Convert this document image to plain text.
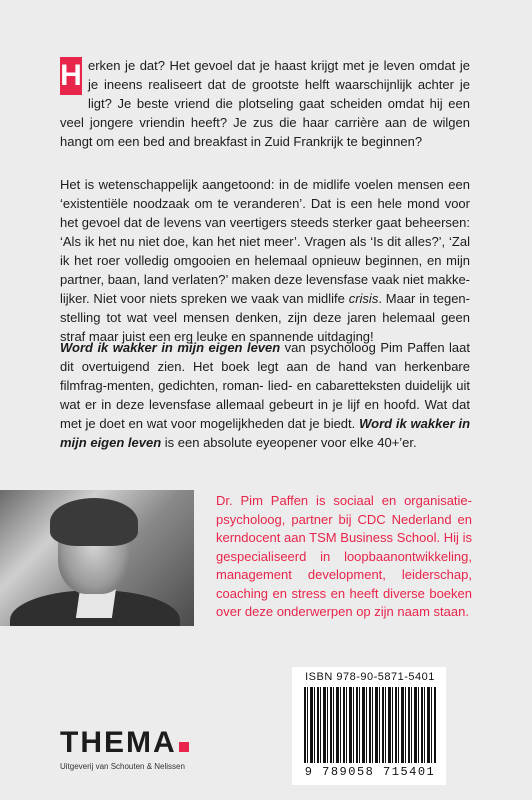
H erken je dat? Het gevoel dat je haast krijgt met je leven omdat je je ineens realiseert dat de grootste helft waarschijnlijk achter je ligt? Je beste vriend die plotseling gaat scheiden omdat hij een veel jongere vriendin heeft? Je zus die haar carrière aan de wilgen hangt om een bed and breakfast in Zuid Frankrijk te beginnen?
Het is wetenschappelijk aangetoond: in de midlife voelen mensen een ‘existentiële noodzaak om te veranderen’. Dat is een hele mond voor het gevoel dat de levens van veertigers steeds sterker gaat beheersen: ‘Als ik het nu niet doe, kan het niet meer’. Vragen als ‘Is dit alles?’, ‘Zal ik het roer volledig omgooien en helemaal opnieuw beginnen, en mijn partner, baan, land verlaten?’ maken deze levensfase vaak niet makke-lijker. Niet voor niets spreken we vaak van midlife crisis. Maar in tegen-stelling tot wat veel mensen denken, zijn deze jaren helemaal geen straf maar juist een erg leuke en spannende uitdaging!
Word ik wakker in mijn eigen leven van psycholoog Pim Paffen laat dit overtuigend zien. Het boek legt aan de hand van herkenbare filmfrag-menten, gedichten, roman- lied- en cabaretteksten duidelijk uit wat er in deze levensfase allemaal gebeurt in je lijf en hoofd. Wat dat met je doet en wat voor mogelijkheden dat je biedt. Word ik wakker in mijn eigen leven is een absolute eyeopener voor elke 40+’er.
Dr. Pim Paffen is sociaal en organisatie-psycholoog, partner bij CDC Nederland en kerndocent aan TSM Business School. Hij is gespecialiseerd in loopbaanontwikkeling, management development, leiderschap, coaching en stress en heeft diverse boeken over deze onderwerpen op zijn naam staan.
THEMA
Uitgeverij van Schouten & Nelissen
ISBN 978-90-5871-5401
9 789058 715401
